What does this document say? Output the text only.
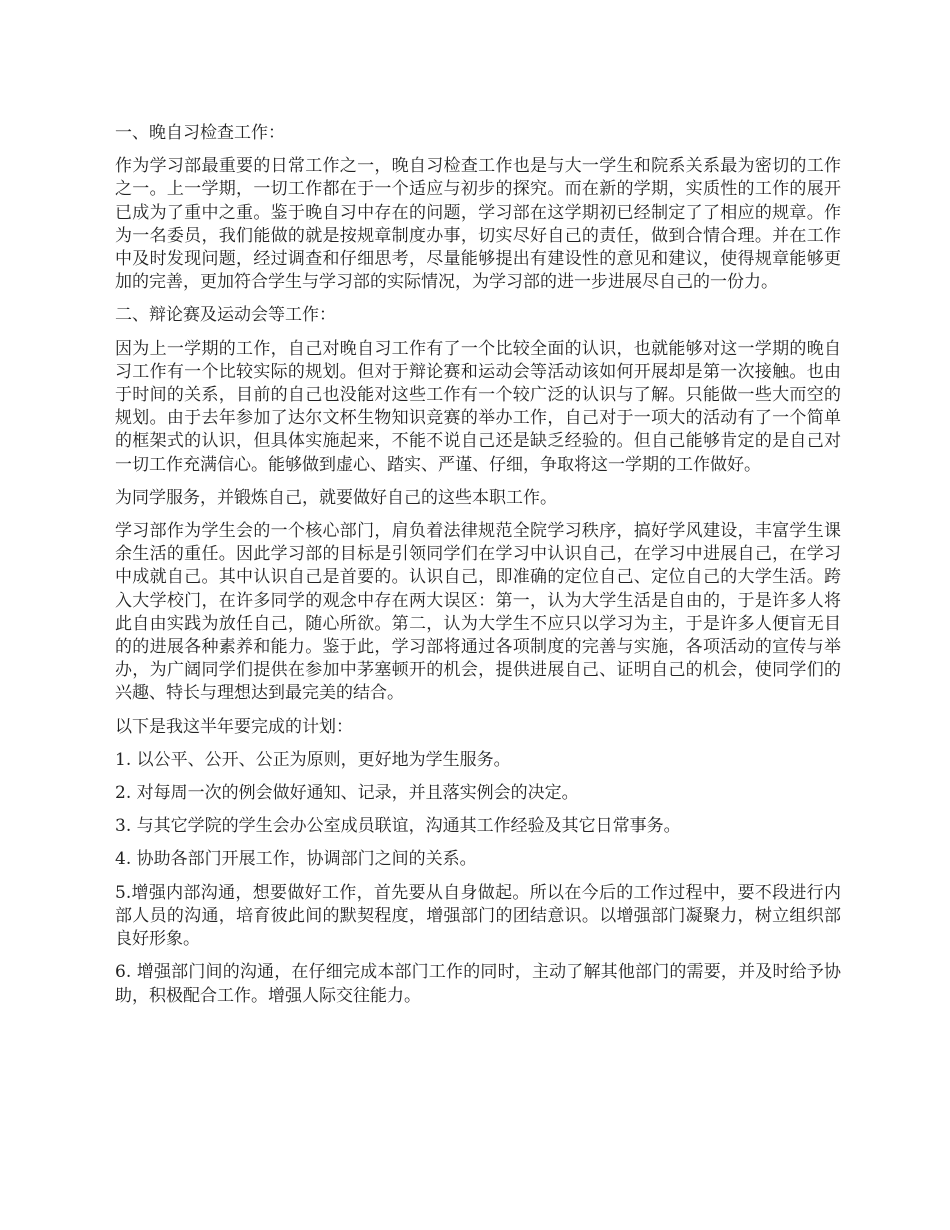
一、晚自习检查工作：

作为学习部最重要的日常工作之一，晚自习检查工作也是与大一学生和院系关系最为密切的工作之一。上一学期，一切工作都在于一个适应与初步的探究。而在新的学期，实质性的工作的展开已成为了重中之重。鉴于晚自习中存在的问题，学习部在这学期初已经制定了了相应的规章。作为一名委员，我们能做的就是按规章制度办事，切实尽好自己的责任，做到合情合理。并在工作中及时发现问题，经过调查和仔细思考，尽量能够提出有建设性的意见和建议，使得规章能够更加的完善，更加符合学生与学习部的实际情况，为学习部的进一步进展尽自己的一份力。

二、辩论赛及运动会等工作：

因为上一学期的工作，自己对晚自习工作有了一个比较全面的认识，也就能够对这一学期的晚自习工作有一个比较实际的规划。但对于辩论赛和运动会等活动该如何开展却是第一次接触。也由于时间的关系，目前的自己也没能对这些工作有一个较广泛的认识与了解。只能做一些大而空的规划。由于去年参加了达尔文杯生物知识竞赛的举办工作，自己对于一项大的活动有了一个简单的框架式的认识，但具体实施起来，不能不说自己还是缺乏经验的。但自己能够肯定的是自己对一切工作充满信心。能够做到虚心、踏实、严谨、仔细，争取将这一学期的工作做好。

为同学服务，并锻炼自己，就要做好自己的这些本职工作。

学习部作为学生会的一个核心部门，肩负着法律规范全院学习秩序，搞好学风建设，丰富学生课余生活的重任。因此学习部的目标是引领同学们在学习中认识自己，在学习中进展自己，在学习中成就自己。其中认识自己是首要的。认识自己，即准确的定位自己、定位自己的大学生活。跨入大学校门，在许多同学的观念中存在两大误区：第一，认为大学生活是自由的，于是许多人将此自由实践为放任自己，随心所欲。第二，认为大学生不应只以学习为主，于是许多人便盲无目的的进展各种素养和能力。鉴于此，学习部将通过各项制度的完善与实施，各项活动的宣传与举办，为广阔同学们提供在参加中茅塞顿开的机会，提供进展自己、证明自己的机会，使同学们的兴趣、特长与理想达到最完美的结合。

以下是我这半年要完成的计划：

1. 以公平、公开、公正为原则，更好地为学生服务。

2. 对每周一次的例会做好通知、记录，并且落实例会的决定。

3. 与其它学院的学生会办公室成员联谊，沟通其工作经验及其它日常事务。

4. 协助各部门开展工作，协调部门之间的关系。

5.增强内部沟通，想要做好工作，首先要从自身做起。所以在今后的工作过程中，要不段进行内部人员的沟通，培育彼此间的默契程度，增强部门的团结意识。以增强部门凝聚力，树立组织部良好形象。

6. 增强部门间的沟通，在仔细完成本部门工作的同时，主动了解其他部门的需要，并及时给予协助，积极配合工作。增强人际交往能力。
